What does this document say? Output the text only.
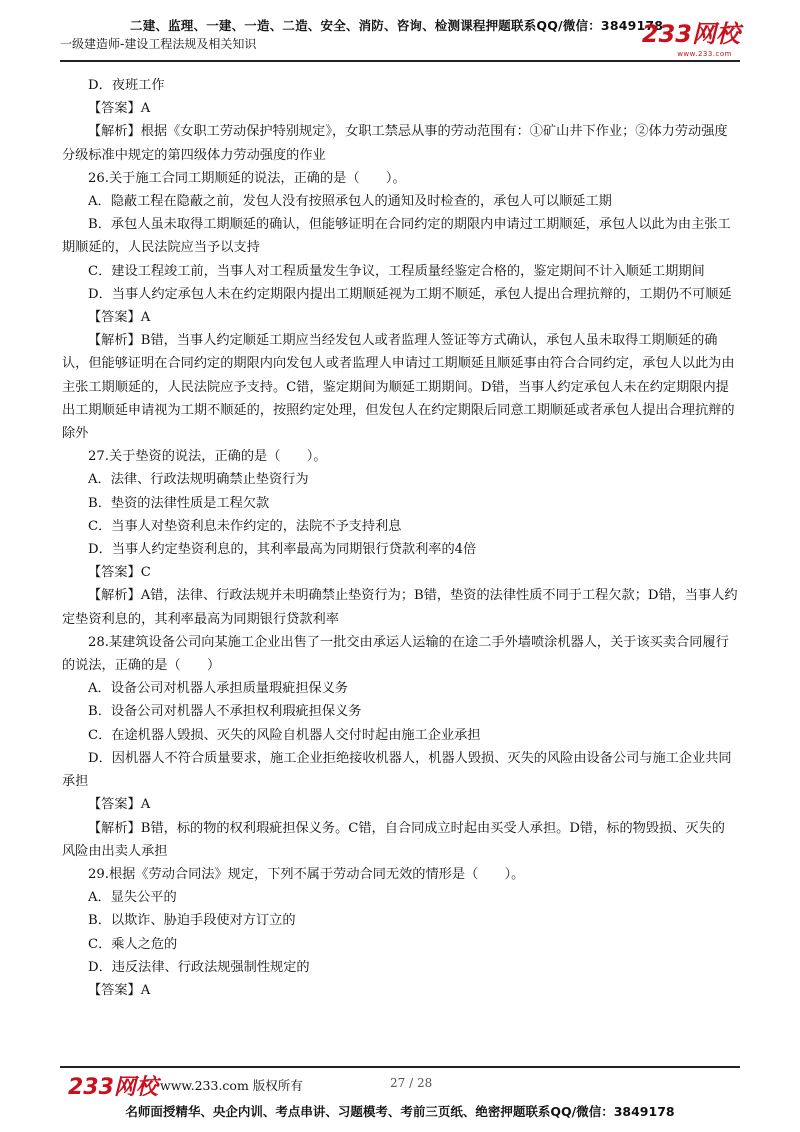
二建、监理、一建、一造、二造、安全、消防、咨询、检测课程押题联系QQ/微信：3849178
一级建造师-建设工程法规及相关知识	233网校
www.233.com

D．夜班工作

【答案】A

【解析】根据《女职工劳动保护特别规定》，女职工禁忌从事的劳动范围有：①矿山井下作业；②体力劳动强度分级标准中规定的第四级体力劳动强度的作业

26.关于施工合同工期顺延的说法，正确的是（　　）。

A．隐蔽工程在隐蔽之前，发包人没有按照承包人的通知及时检查的，承包人可以顺延工期

B．承包人虽未取得工期顺延的确认，但能够证明在合同约定的期限内申请过工期顺延，承包人以此为由主张工期顺延的，人民法院应当予以支持

C．建设工程竣工前，当事人对工程质量发生争议，工程质量经鉴定合格的，鉴定期间不计入顺延工期期间

D．当事人约定承包人未在约定期限内提出工期顺延视为工期不顺延，承包人提出合理抗辩的，工期仍不可顺延

【答案】A

【解析】B错，当事人约定顺延工期应当经发包人或者监理人签证等方式确认，承包人虽未取得工期顺延的确认，但能够证明在合同约定的期限内向发包人或者监理人申请过工期顺延且顺延事由符合合同约定，承包人以此为由主张工期顺延的，人民法院应予支持。C错，鉴定期间为顺延工期期间。D错，当事人约定承包人未在约定期限内提出工期顺延申请视为工期不顺延的，按照约定处理，但发包人在约定期限后同意工期顺延或者承包人提出合理抗辩的除外

27.关于垫资的说法，正确的是（　　）。

A．法律、行政法规明确禁止垫资行为

B．垫资的法律性质是工程欠款

C．当事人对垫资利息未作约定的，法院不予支持利息

D．当事人约定垫资利息的，其利率最高为同期银行贷款利率的4倍

【答案】C

【解析】A错，法律、行政法规并未明确禁止垫资行为；B错，垫资的法律性质不同于工程欠款；D错，当事人约定垫资利息的，其利率最高为同期银行贷款利率

28.某建筑设备公司向某施工企业出售了一批交由承运人运输的在途二手外墙喷涂机器人，关于该买卖合同履行的说法，正确的是（　　）

A．设备公司对机器人承担质量瑕疵担保义务

B．设备公司对机器人不承担权利瑕疵担保义务

C．在途机器人毁损、灭失的风险自机器人交付时起由施工企业承担

D．因机器人不符合质量要求，施工企业拒绝接收机器人，机器人毁损、灭失的风险由设备公司与施工企业共同承担

【答案】A

【解析】B错，标的物的权利瑕疵担保义务。C错，自合同成立时起由买受人承担。D错，标的物毁损、灭失的风险由出卖人承担

29.根据《劳动合同法》规定，下列不属于劳动合同无效的情形是（　　）。

A．显失公平的

B．以欺诈、胁迫手段使对方订立的

C．乘人之危的

D．违反法律、行政法规强制性规定的

【答案】A

233网校 www.233.com 版权所有	27 / 28
名师面授精华、央企内训、考点串讲、习题模考、考前三页纸、绝密押题联系QQ/微信：3849178
